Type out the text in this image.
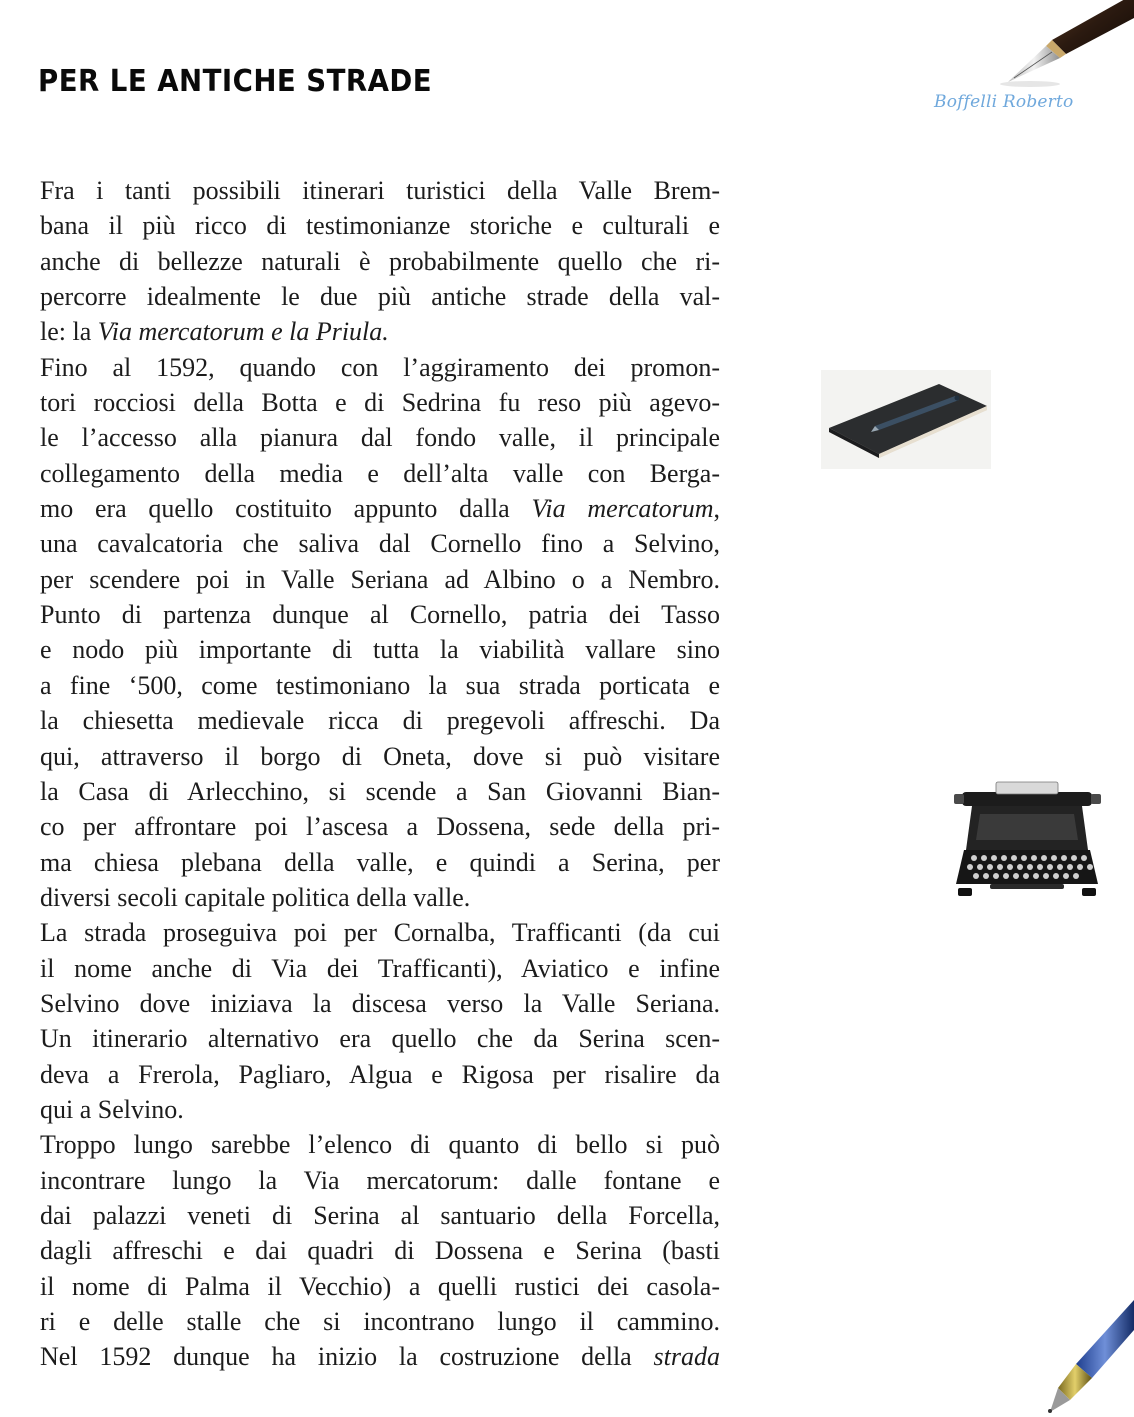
PER LE ANTICHE STRADE
Boffelli Roberto
Fra i tanti possibili itinerari turistici della Valle Brem-
bana il più ricco di testimonianze storiche e culturali e
anche di bellezze naturali è probabilmente quello che ri-
percorre idealmente le due più antiche strade della val-
le: la Via mercatorum e la Priula.
Fino al 1592, quando con l’aggiramento dei promon-
tori rocciosi della Botta e di Sedrina fu reso più agevo-
le l’accesso alla pianura dal fondo valle, il principale
collegamento della media e dell’alta valle con Berga-
mo era quello costituito appunto dalla Via mercatorum,
una cavalcatoria che saliva dal Cornello fino a Selvino,
per scendere poi in Valle Seriana ad Albino o a Nembro.
Punto di partenza dunque al Cornello, patria dei Tasso
e nodo più importante di tutta la viabilità vallare sino
a fine ‘500, come testimoniano la sua strada porticata e
la chiesetta medievale ricca di pregevoli affreschi. Da
qui, attraverso il borgo di Oneta, dove si può visitare
la Casa di Arlecchino, si scende a San Giovanni Bian-
co per affrontare poi l’ascesa a Dossena, sede della pri-
ma chiesa plebana della valle, e quindi a Serina, per
diversi secoli capitale politica della valle.
La strada proseguiva poi per Cornalba, Trafficanti (da cui
il nome anche di Via dei Trafficanti), Aviatico e infine
Selvino dove iniziava la discesa verso la Valle Seriana.
Un itinerario alternativo era quello che da Serina scen-
deva a Frerola, Pagliaro, Algua e Rigosa per risalire da
qui a Selvino.
Troppo lungo sarebbe l’elenco di quanto di bello si può
incontrare lungo la Via mercatorum: dalle fontane e
dai palazzi veneti di Serina al santuario della Forcella,
dagli affreschi e dai quadri di Dossena e Serina (basti
il nome di Palma il Vecchio) a quelli rustici dei casola-
ri e delle stalle che si incontrano lungo il cammino.
Nel 1592 dunque ha inizio la costruzione della strada
